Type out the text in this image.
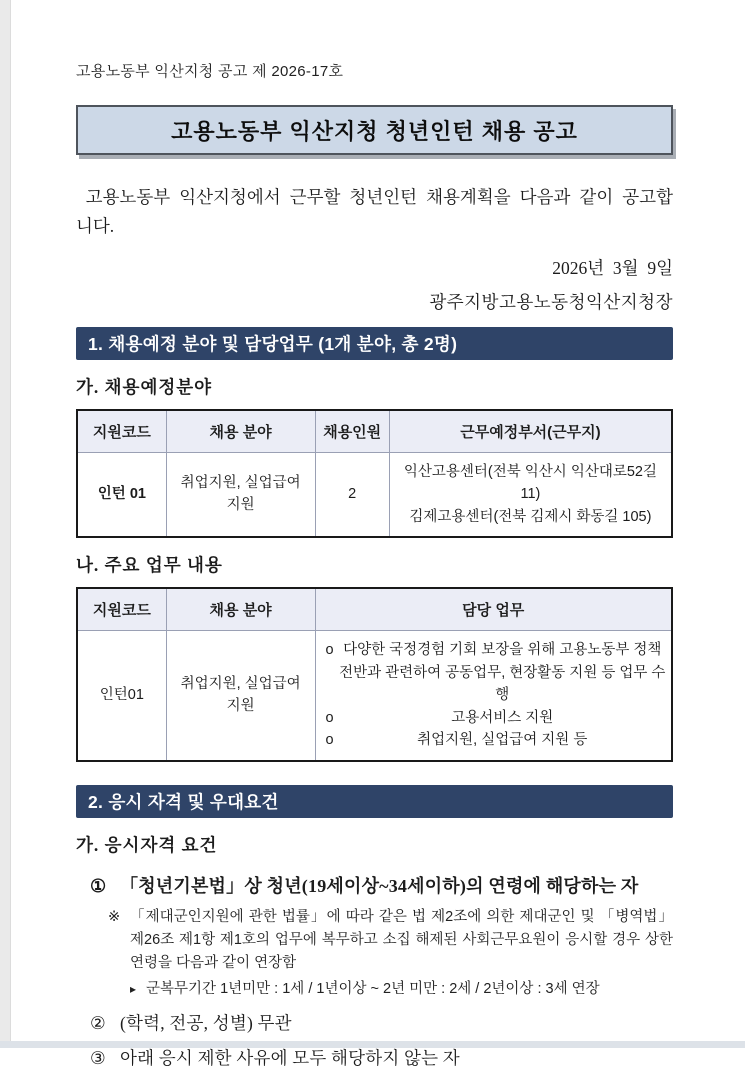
고용노동부 익산지청 공고 제 2026-17호
고용노동부 익산지청 청년인턴 채용 공고

고용노동부 익산지청에서 근무할 청년인턴 채용계획을 다음과 같이 공고합니다.

2026년  3월  9일
광주지방고용노동청익산지청장
1. 채용예정 분야 및 담당업무 (1개 분야, 총 2명)
가. 채용예정분야
지원코드	채용 분야	채용인원	근무예정부서(근무지)
인턴 01	취업지원, 실업급여 지원	2	익산고용센터(전북 익산시 익산대로52길 11)
김제고용센터(전북 김제시 화동길 105)
나. 주요 업무 내용
지원코드	채용 분야	담당 업무
인턴01	취업지원, 실업급여 지원	
o 다양한 국정경험 기회 보장을 위해 고용노동부 정책 전반과 관련하여 공동업무, 현장활동 지원 등 업무 수행
o	고용서비스 지원
o	취업지원, 실업급여 지원 등
2. 응시 자격 및 우대요건
가. 응시자격 요건
① 「청년기본법」상 청년(19세이상~34세이하)의 연령에 해당하는 자
※ 「제대군인지원에 관한 법률」에 따라 같은 법 제2조에 의한 제대군인 및 「병역법」 제26조 제1항 제1호의 업무에 복무하고 소집 해제된 사회근무요원이 응시할 경우 상한 연령을 다음과 같이 연장함
▸ 군복무기간 1년미만 : 1세 / 1년이상 ~ 2년 미만 : 2세 / 2년이상 : 3세 연장
② (학력, 전공, 성별) 무관
③ 아래 응시 제한 사유에 모두 해당하지 않는 자
